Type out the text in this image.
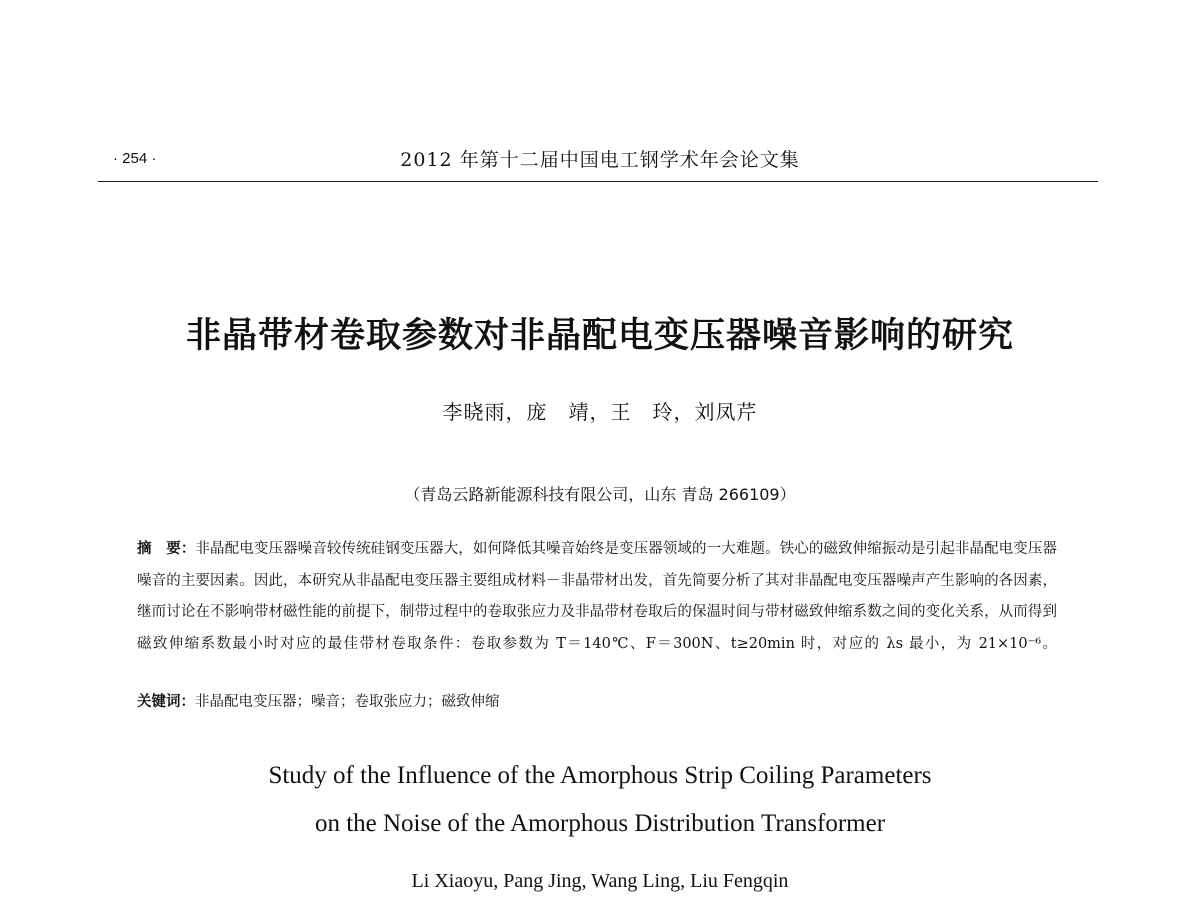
· 254 ·	2012 年第十二届中国电工钢学术年会论文集
非晶带材卷取参数对非晶配电变压器噪音影响的研究
李晓雨，庞　靖，王　玲，刘凤芹
（青岛云路新能源科技有限公司，山东 青岛 266109）
摘　要：非晶配电变压器噪音较传统硅钢变压器大，如何降低其噪音始终是变压器领域的一大难题。铁心的磁致伸缩振动是引起非晶配电变压器噪音的主要因素。因此，本研究从非晶配电变压器主要组成材料－非晶带材出发，首先简要分析了其对非晶配电变压器噪声产生影响的各因素，继而讨论在不影响带材磁性能的前提下，制带过程中的卷取张应力及非晶带材卷取后的保温时间与带材磁致伸缩系数之间的变化关系，从而得到磁致伸缩系数最小时对应的最佳带材卷取条件：卷取参数为 T＝140℃、F＝300N、t≥20min 时，对应的 λs 最小，为 21×10⁻⁶。
关键词：非晶配电变压器；噪音；卷取张应力；磁致伸缩
Study of the Influence of the Amorphous Strip Coiling Parameters
on the Noise of the Amorphous Distribution Transformer
Li Xiaoyu, Pang Jing, Wang Ling, Liu Fengqin
